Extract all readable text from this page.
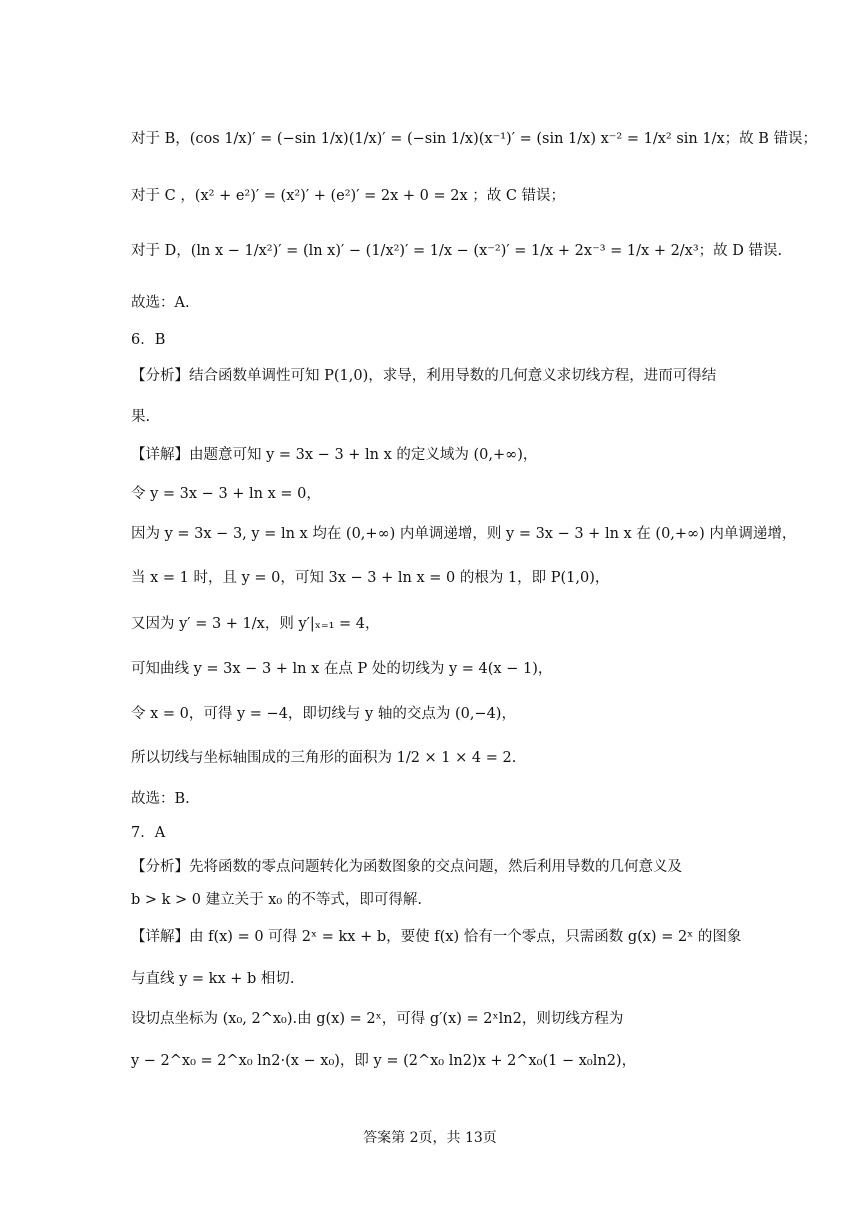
对于 B，(cos 1/x)′ = (−sin 1/x)(1/x)′ = (−sin 1/x)(x⁻¹)′ = (sin 1/x) x⁻² = 1/x² sin 1/x；故 B 错误；
对于 C ，(x² + e²)′ = (x²)′ + (e²)′ = 2x + 0 = 2x ；故 C 错误；
对于 D，(ln x − 1/x²)′ = (ln x)′ − (1/x²)′ = 1/x − (x⁻²)′ = 1/x + 2x⁻³ = 1/x + 2/x³；故 D 错误.
故选：A.
6．B
【分析】结合函数单调性可知 P(1,0)，求导，利用导数的几何意义求切线方程，进而可得结
果.
【详解】由题意可知 y = 3x − 3 + ln x 的定义域为 (0,+∞)，
令 y = 3x − 3 + ln x = 0，
因为 y = 3x − 3, y = ln x 均在 (0,+∞) 内单调递增，则 y = 3x − 3 + ln x 在 (0,+∞) 内单调递增，
当 x = 1 时，且 y = 0，可知 3x − 3 + ln x = 0 的根为 1，即 P(1,0)，
又因为 y′ = 3 + 1/x，则 y′|ₓ₌₁ = 4，
可知曲线 y = 3x − 3 + ln x 在点 P 处的切线为 y = 4(x − 1)，
令 x = 0，可得 y = −4，即切线与 y 轴的交点为 (0,−4)，
所以切线与坐标轴围成的三角形的面积为 1/2 × 1 × 4 = 2.
故选：B.
7．A
【分析】先将函数的零点问题转化为函数图象的交点问题，然后利用导数的几何意义及
b > k > 0 建立关于 x₀ 的不等式，即可得解.
【详解】由 f(x) = 0 可得 2ˣ = kx + b，要使 f(x) 恰有一个零点，只需函数 g(x) = 2ˣ 的图象
与直线 y = kx + b 相切.
设切点坐标为 (x₀, 2^x₀).由 g(x) = 2ˣ，可得 g′(x) = 2ˣln2，则切线方程为
y − 2^x₀ = 2^x₀ ln2·(x − x₀)，即 y = (2^x₀ ln2)x + 2^x₀(1 − x₀ln2)，
答案第 2页，共 13页
